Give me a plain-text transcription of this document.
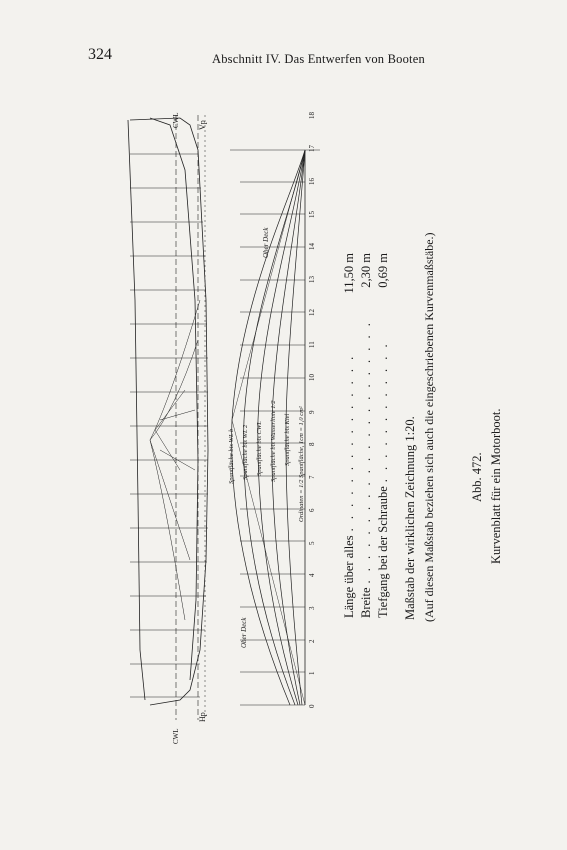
324	Abschnitt IV. Das Entwerfen von Booten
CWL
CWL
Vp
Hp
Ober Deck
Ober Deck
Spantfläche bis WL b Spantfläche bis WL 2 Spantfläche bis CWL Spantfläche bis Wasserlinie 1/2 Spantfläche bis Kiel Ordinaten = 1/2 Spantfläche, 1cm = 1,0 cm²
0
1
2
3
4
5
6
7
8
9
10
11
12
13
14
15
16
17
18
Länge über alles
. . . . . . . . . . . . . . .
11,50 m
Breite
. . . . . . . . . . . . . . . . . . . . . .
2,30 m
Tiefgang bei der Schraube
. . . . . . . . . . . .
0,69 m
Maßstab der wirklichen Zeichnung 1:20. (Auf diesen Maßstab beziehen sich auch die eingeschriebenen Kurvenmaßstäbe.)	Abb. 472. Kurvenblatt für ein Motorboot.
